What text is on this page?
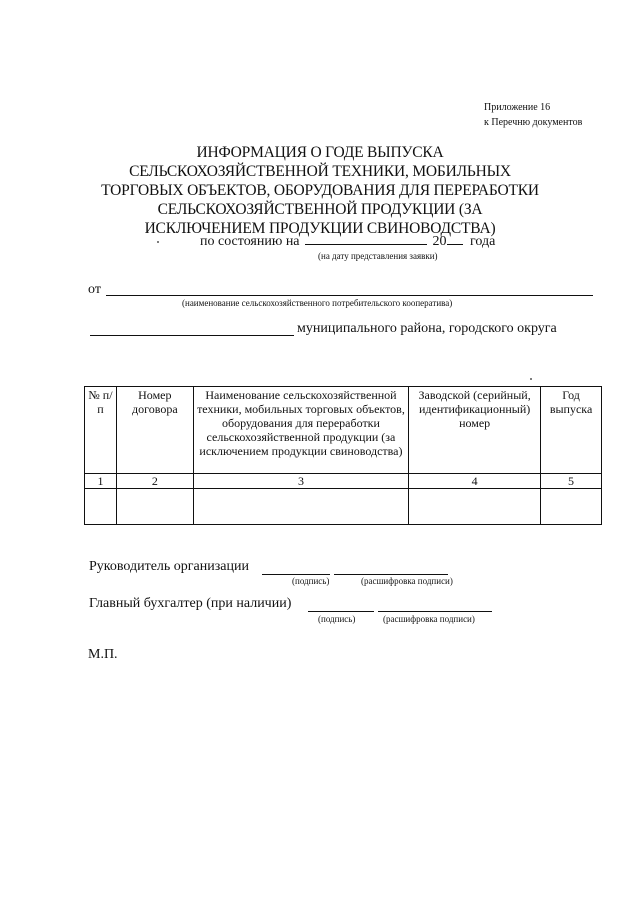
Приложение 16
к Перечню документов
ИНФОРМАЦИЯ О ГОДЕ ВЫПУСКА СЕЛЬСКОХОЗЯЙСТВЕННОЙ ТЕХНИКИ, МОБИЛЬНЫХ ТОРГОВЫХ ОБЪЕКТОВ, ОБОРУДОВАНИЯ ДЛЯ ПЕРЕРАБОТКИ СЕЛЬСКОХОЗЯЙСТВЕННОЙ ПРОДУКЦИИ (ЗА ИСКЛЮЧЕНИЕМ ПРОДУКЦИИ СВИНОВОДСТВА)
по состоянию на	20 года
(на дату представления заявки)
от
(наименование сельскохозяйственного потребительского кооператива)
муниципального района, городского округа
№ п/п	Номер договора	Наименование сельскохозяйственной техники, мобильных торговых объектов, оборудования для переработки сельскохозяйственной продукции (за исключением продукции свиноводства)	Заводской (серийный, идентификационный) номер	Год выпуска
1	2	3	4	5

Руководитель организации
(подпись)	(расшифровка подписи)
Главный бухгалтер (при наличии)
(подпись)	(расшифровка подписи)
М.П.
